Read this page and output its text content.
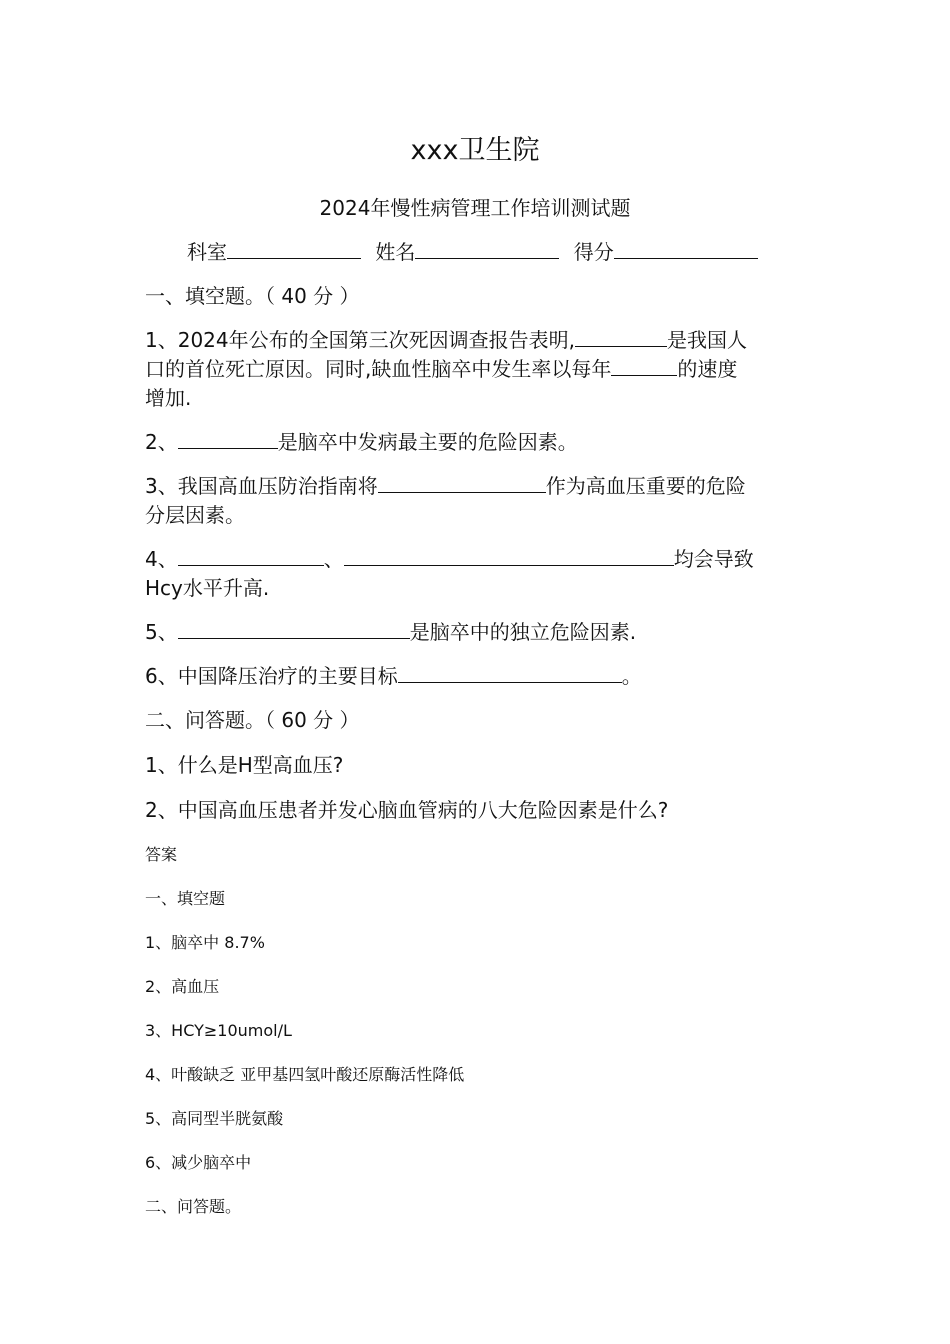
xxx卫生院
2024年慢性病管理工作培训测试题
科室	姓名	得分
一、填空题。（ 40 分 ）
1、2024年公布的全国第三次死因调查报告表明,	是我国人
口的首位死亡原因。同时,缺血性脑卒中发生率以每年	的速度
增加.
2、	是脑卒中发病最主要的危险因素。
3、我国高血压防治指南将	作为高血压重要的危险
分层因素。
4、	、	均会导致
Hcy水平升高.
5、	是脑卒中的独立危险因素.
6、中国降压治疗的主要目标	。
二、问答题。（ 60 分 ）
1、什么是H型高血压?
2、中国高血压患者并发心脑血管病的八大危险因素是什么?
答案
一、填空题
1、脑卒中 8.7%
2、高血压
3、HCY≥10umol/L
4、叶酸缺乏 亚甲基四氢叶酸还原酶活性降低
5、高同型半胱氨酸
6、减少脑卒中
二、问答题。
